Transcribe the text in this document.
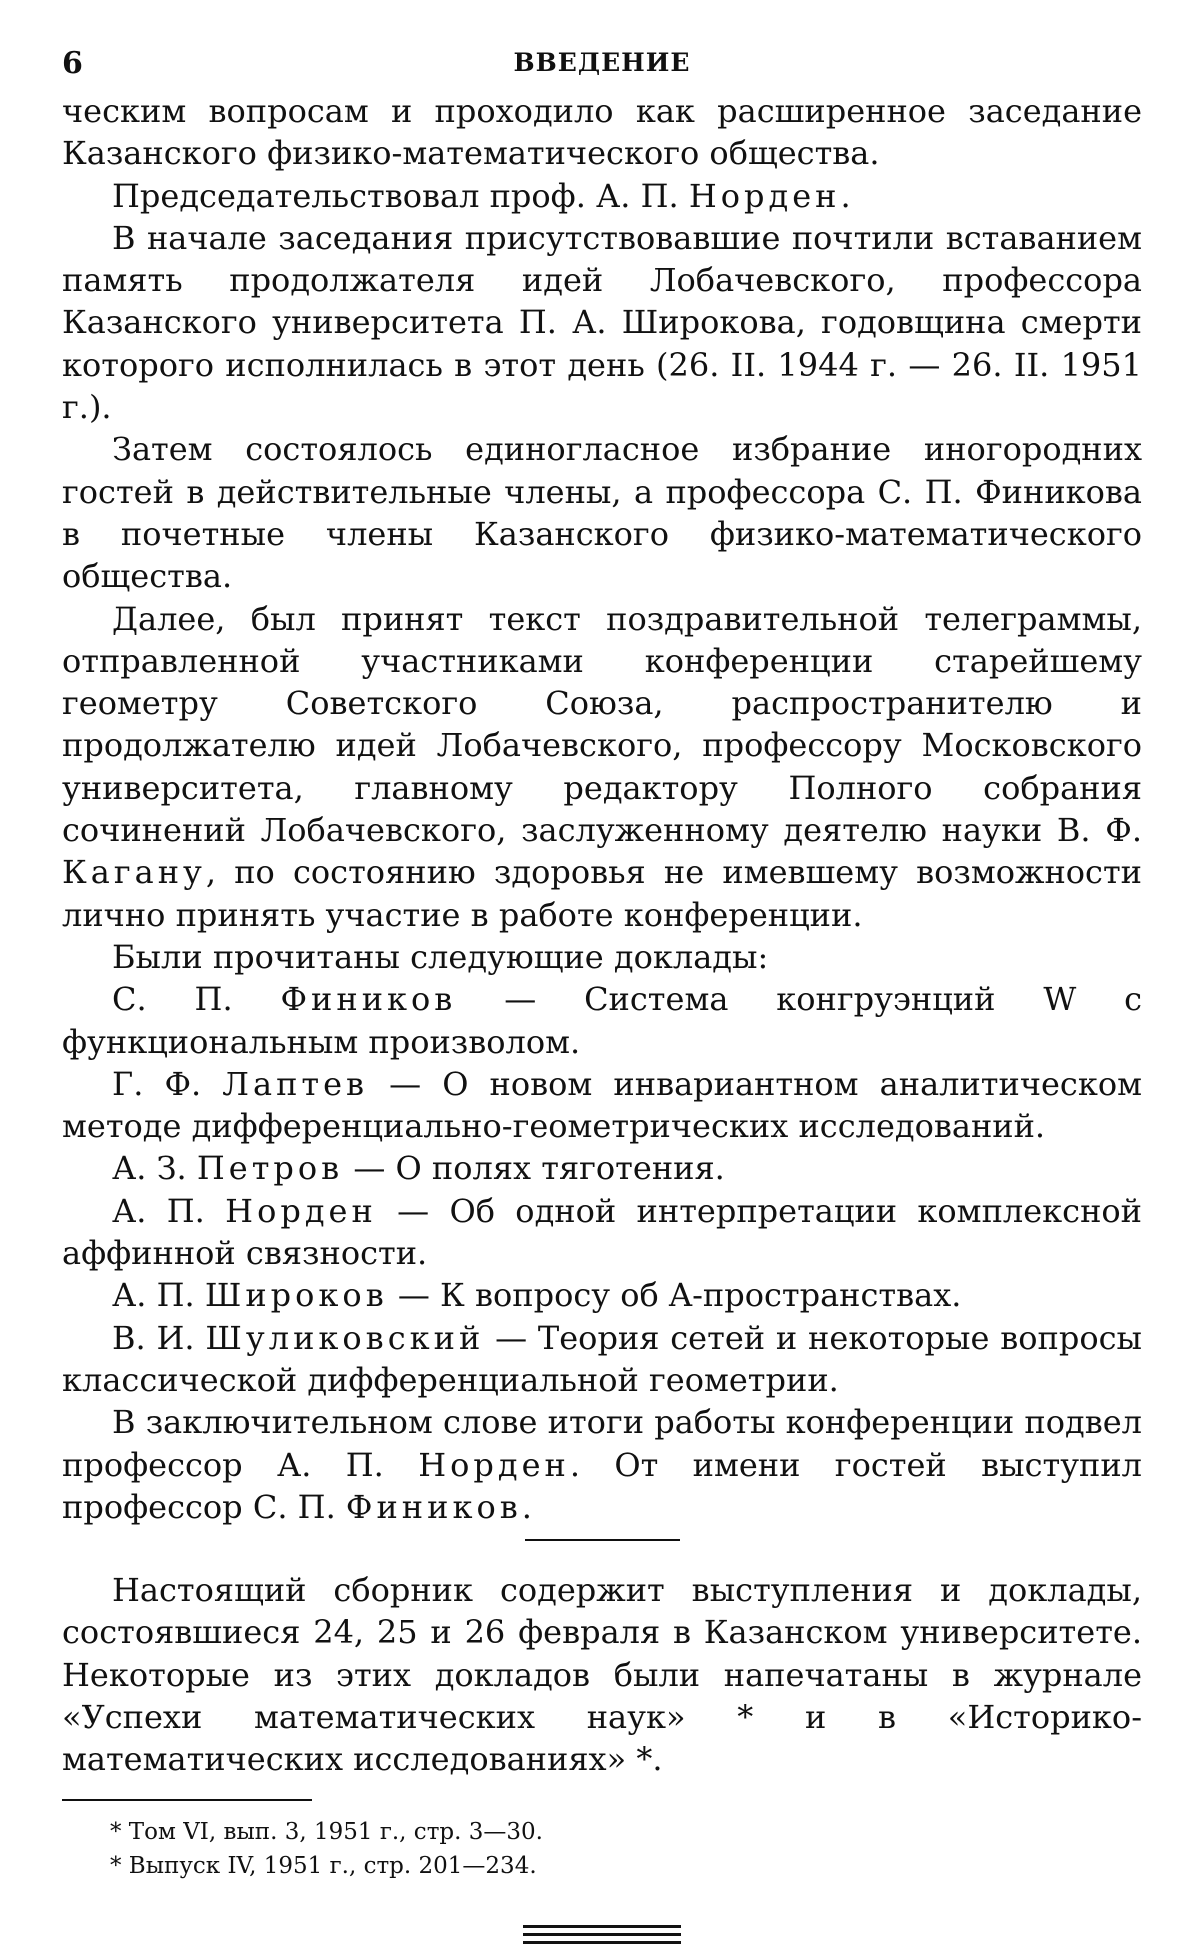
6	ВВЕДЕНИЕ

ческим вопросам и проходило как расширенное заседание Казанского физико-математического общества.

Председательствовал проф. А. П. Норден.

В начале заседания присутствовавшие почтили вставанием память продолжателя идей Лобачевского, профессора Казанского университета П. А. Широкова, годовщина смерти которого исполнилась в этот день (26. II. 1944 г. — 26. II. 1951 г.).

Затем состоялось единогласное избрание иногородних гостей в действительные члены, а профессора С. П. Финикова в почетные члены Казанского физико-математического общества.

Далее, был принят текст поздравительной телеграммы, отправленной участниками конференции старейшему геометру Советского Союза, распространителю и продолжателю идей Лобачевского, профессору Московского университета, главному редактору Полного собрания сочинений Лобачевского, заслуженному деятелю науки В. Ф. Кагану, по состоянию здоровья не имевшему возможности лично принять участие в работе конференции.

Были прочитаны следующие доклады:

С. П. Фиников — Система конгруэнций W с функциональным произволом.

Г. Ф. Лаптев — О новом инвариантном аналитическом методе дифференциально-геометрических исследований.

А. З. Петров — О полях тяготения.

А. П. Норден — Об одной интерпретации комплексной аффинной связности.

А. П. Широков — К вопросу об A-пространствах.

В. И. Шуликовский — Теория сетей и некоторые вопросы классической дифференциальной геометрии.

В заключительном слове итоги работы конференции подвел профессор А. П. Норден. От имени гостей выступил профессор С. П. Фиников.

Настоящий сборник содержит выступления и доклады, состоявшиеся 24, 25 и 26 февраля в Казанском университете. Некоторые из этих докладов были напечатаны в журнале «Успехи математических наук» * и в «Историко-математических исследованиях» *.

* Том VI, вып. 3, 1951 г., стр. 3—30.

* Выпуск IV, 1951 г., стр. 201—234.
